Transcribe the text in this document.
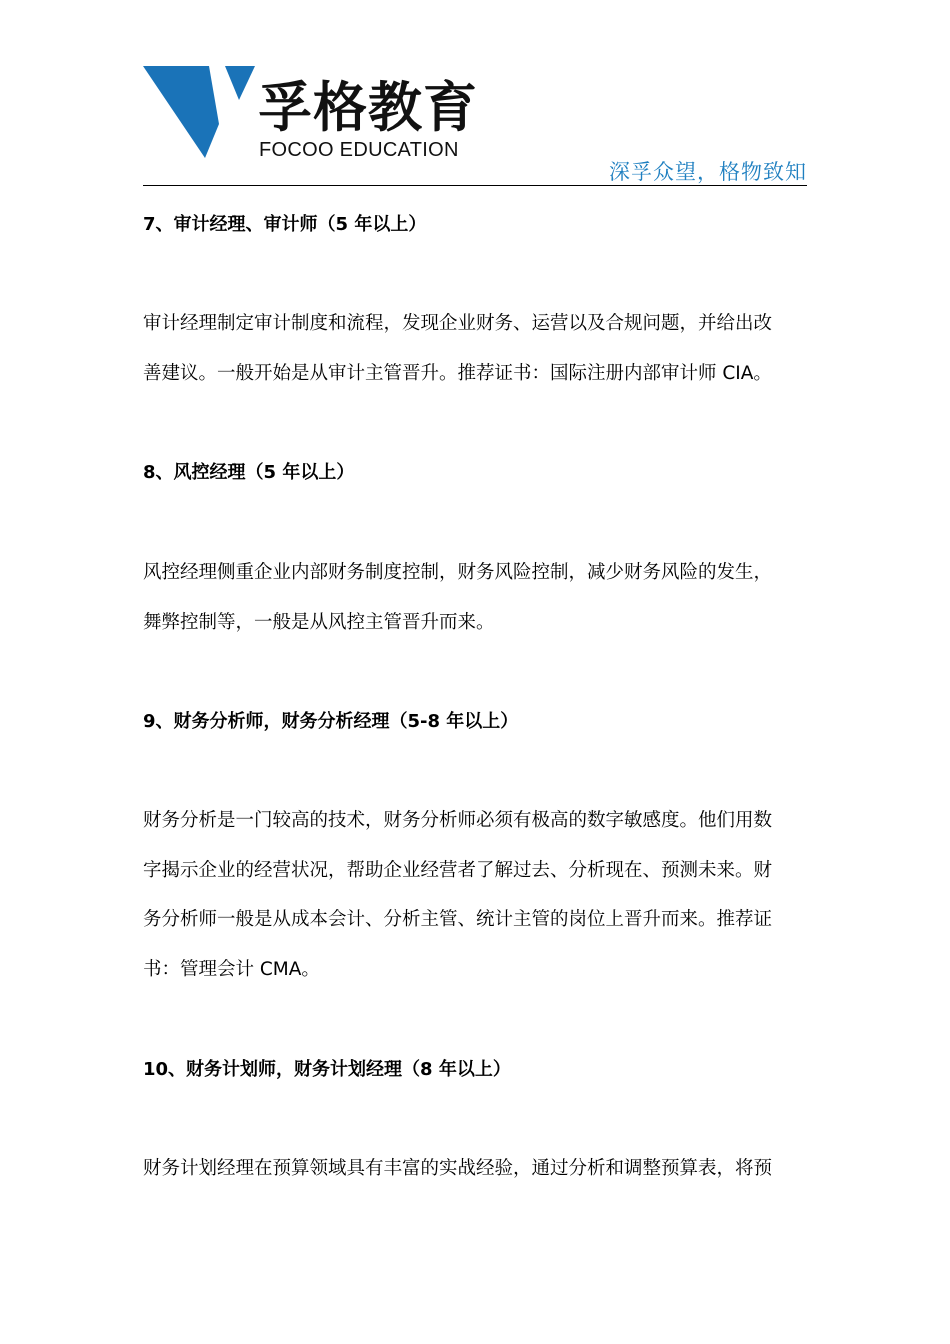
孚格教育
FOCOO EDUCATION
深孚众望，格物致知
7、审计经理、审计师（5 年以上）

审计经理制定审计制度和流程，发现企业财务、运营以及合规问题，并给出改
善建议。一般开始是从审计主管晋升。推荐证书：国际注册内部审计师 CIA。

8、风控经理（5 年以上）

风控经理侧重企业内部财务制度控制，财务风险控制，减少财务风险的发生，
舞弊控制等，一般是从风控主管晋升而来。

9、财务分析师，财务分析经理（5-8 年以上）

财务分析是一门较高的技术，财务分析师必须有极高的数字敏感度。他们用数
字揭示企业的经营状况，帮助企业经营者了解过去、分析现在、预测未来。财
务分析师一般是从成本会计、分析主管、统计主管的岗位上晋升而来。推荐证
书：管理会计 CMA。

10、财务计划师，财务计划经理（8 年以上）

财务计划经理在预算领域具有丰富的实战经验，通过分析和调整预算表，将预
